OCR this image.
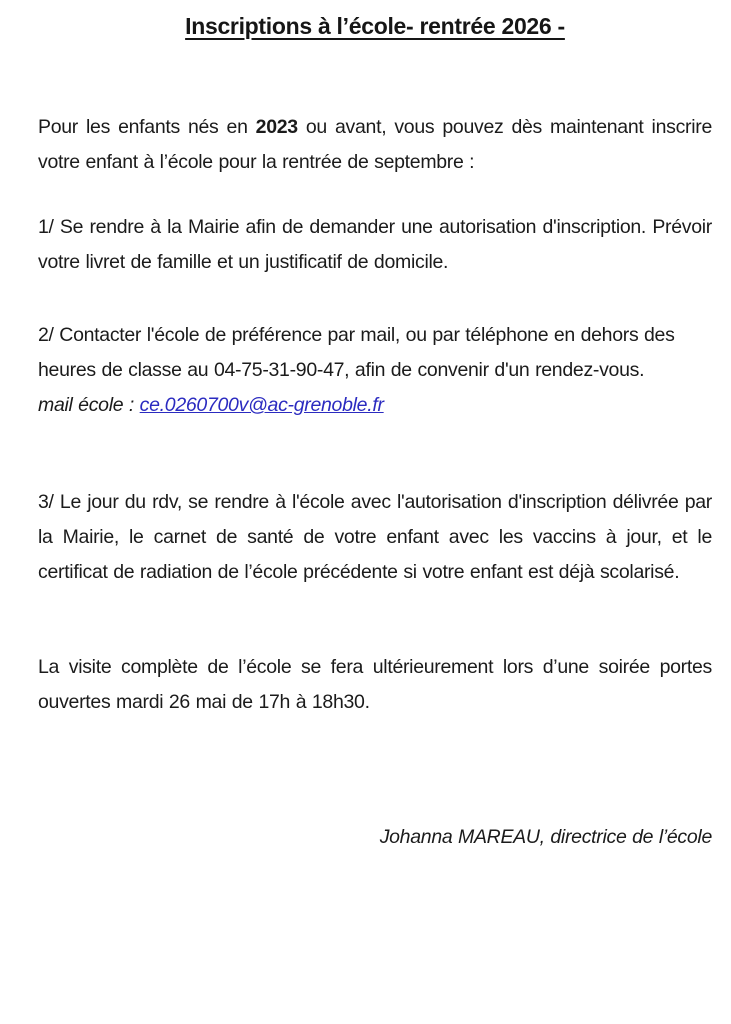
Inscriptions à l’école- rentrée 2026 -

Pour les enfants nés en 2023 ou avant, vous pouvez dès maintenant inscrire votre enfant à l’école pour la rentrée de septembre :

1/ Se rendre à la Mairie afin de demander une autorisation d'inscription. Prévoir votre livret de famille et un justificatif de domicile.

2/ Contacter l'école de préférence par mail, ou par téléphone en dehors des heures de classe au 04-75-31-90-47, afin de convenir d'un rendez-vous.

mail école : ce.0260700v@ac-grenoble.fr

3/ Le jour du rdv, se rendre à l'école avec l'autorisation d'inscription délivrée par la Mairie, le carnet de santé de votre enfant avec les vaccins à jour, et le certificat de radiation de l’école précédente si votre enfant est déjà scolarisé.

La visite complète de l’école se fera ultérieurement lors d’une soirée portes ouvertes mardi 26 mai de 17h à 18h30.

Johanna MAREAU, directrice de l’école
